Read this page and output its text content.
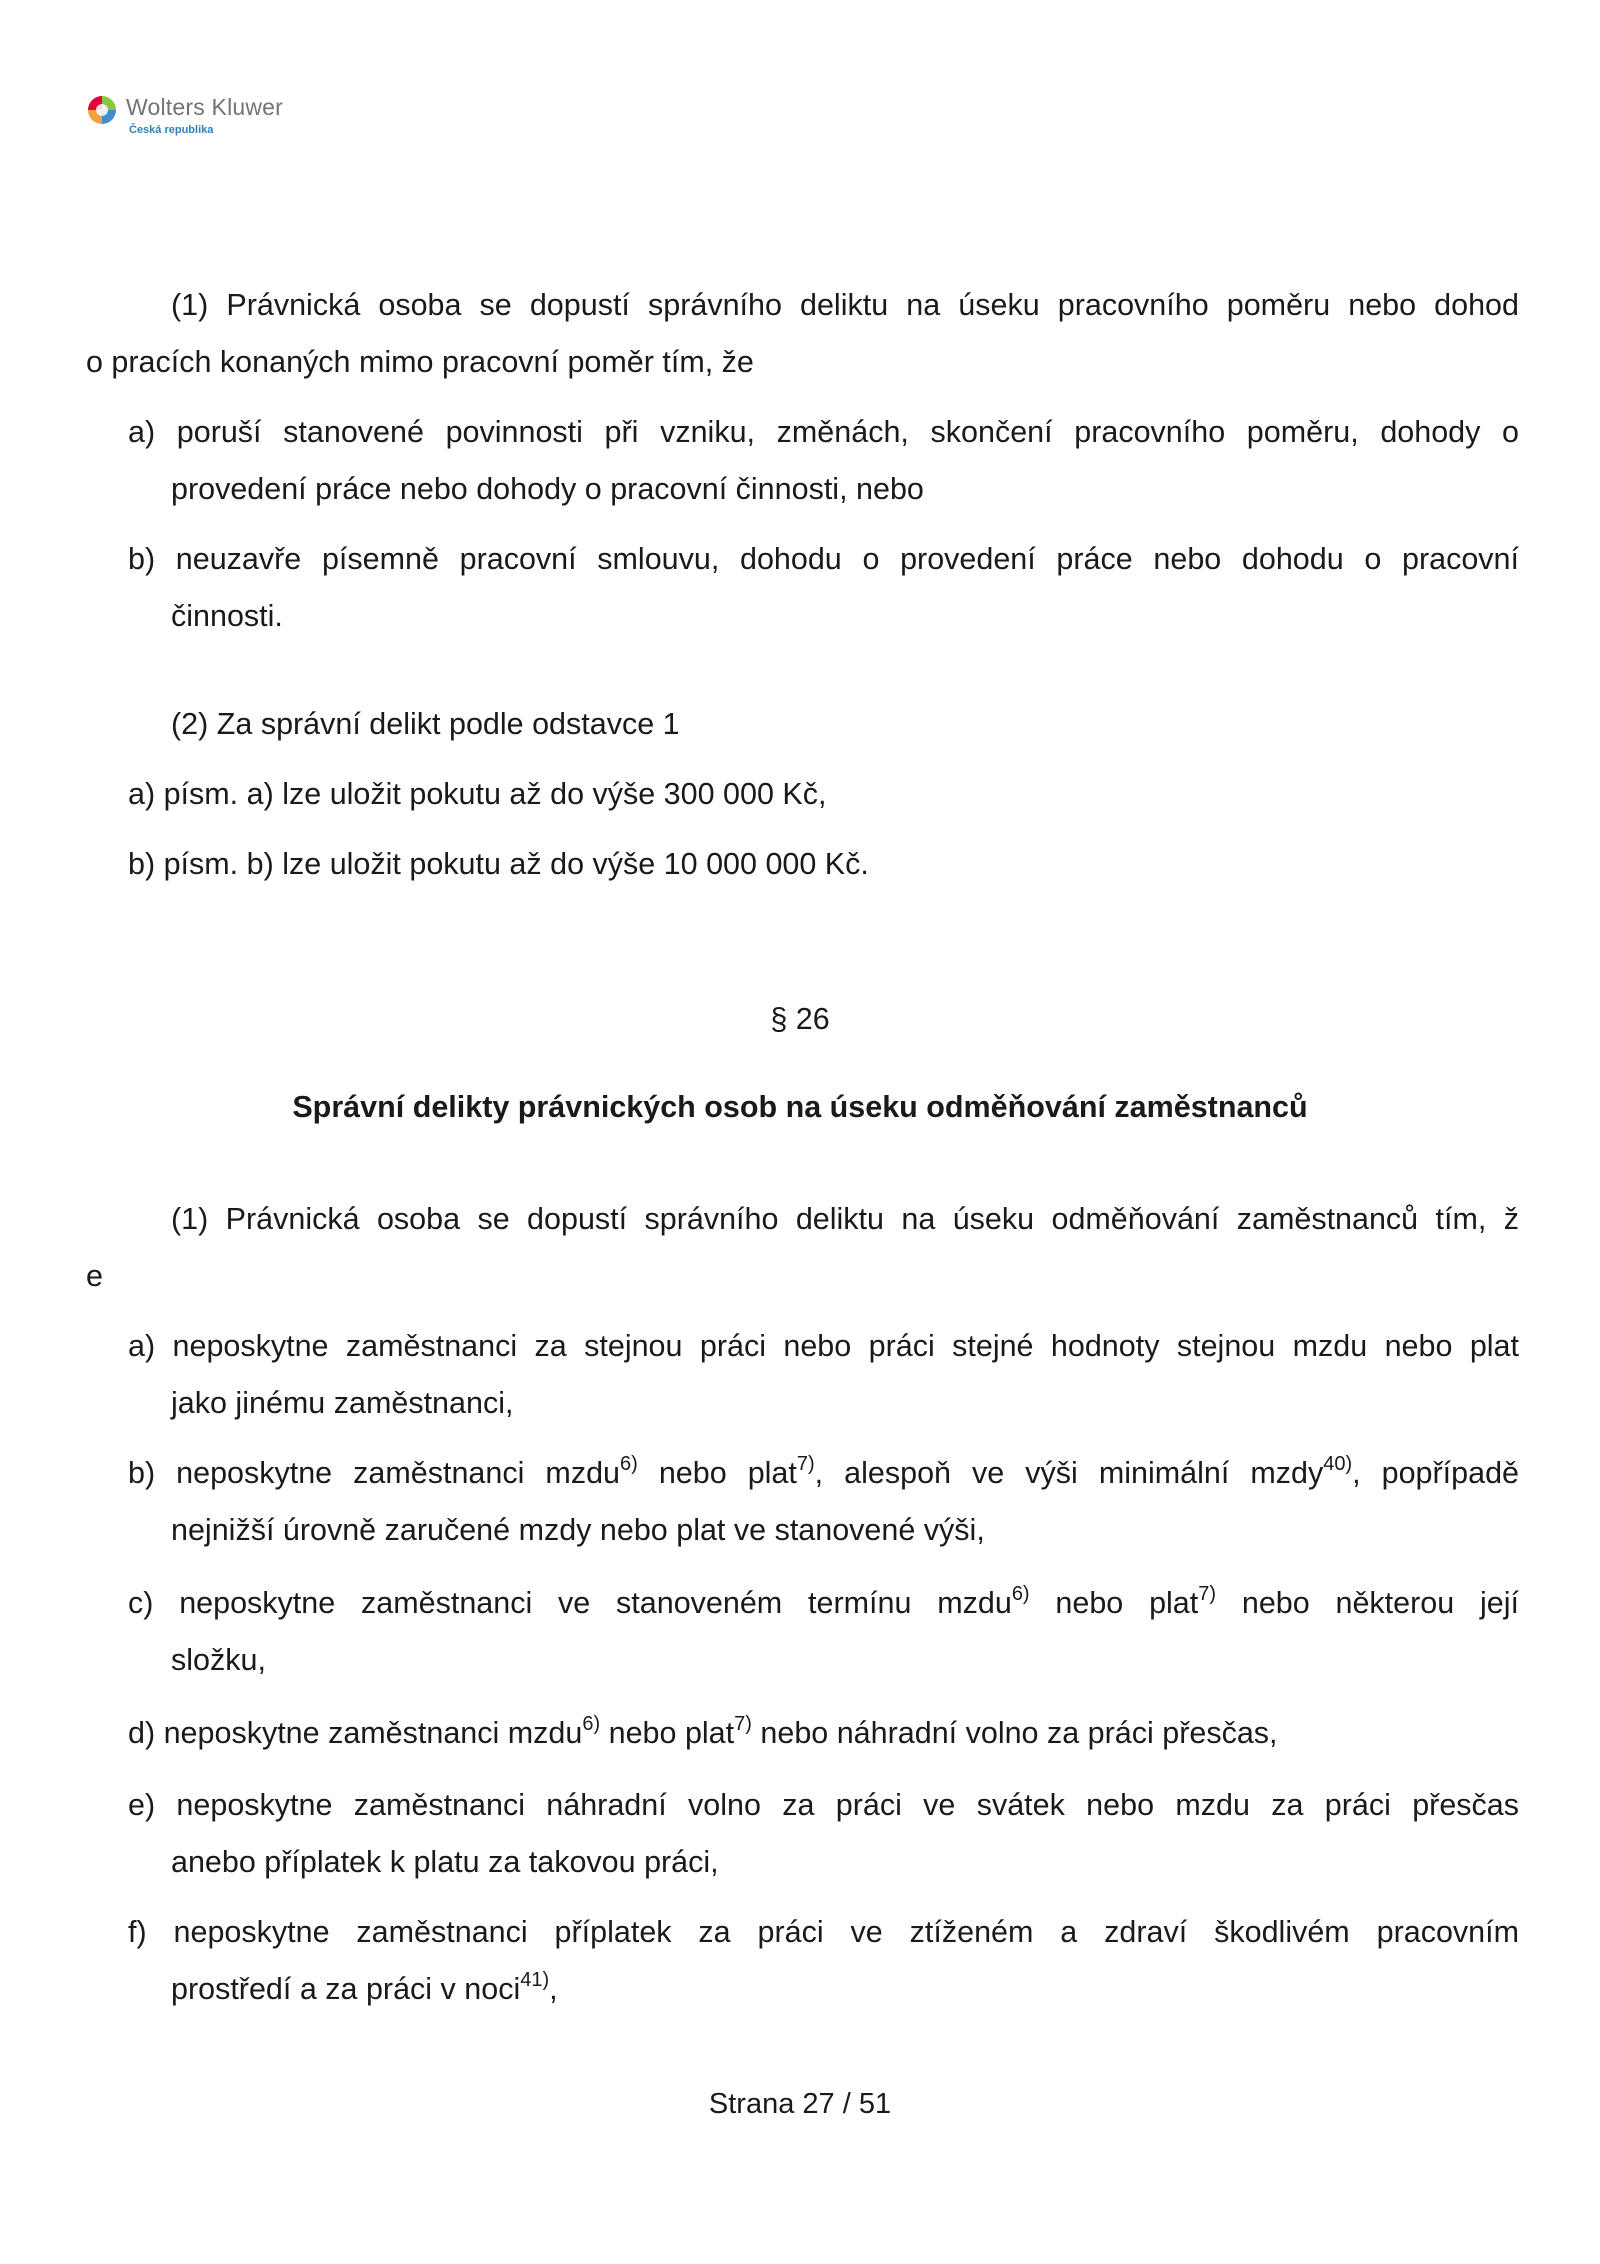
Wolters Kluwer
Česká republika
(1) Právnická osoba se dopustí správního deliktu na úseku pracovního poměru nebo dohod
o pracích konaných mimo pracovní poměr tím, že
a) poruší stanovené povinnosti při vzniku, změnách, skončení pracovního poměru, dohody o
provedení práce nebo dohody o pracovní činnosti, nebo
b) neuzavře písemně pracovní smlouvu, dohodu o provedení práce nebo dohodu o pracovní
činnosti.
(2) Za správní delikt podle odstavce 1
a) písm. a) lze uložit pokutu až do výše 300 000 Kč,
b) písm. b) lze uložit pokutu až do výše 10 000 000 Kč.
§ 26
Správní delikty právnických osob na úseku odměňování zaměstnanců
(1) Právnická osoba se dopustí správního deliktu na úseku odměňování zaměstnanců tím, ž
e
a) neposkytne zaměstnanci za stejnou práci nebo práci stejné hodnoty stejnou mzdu nebo plat
jako jinému zaměstnanci,
b) neposkytne zaměstnanci mzdu$^{6)}$ nebo plat$^{7)}$, alespoň ve výši minimální mzdy$^{40)}$, popřípadě
nejnižší úrovně zaručené mzdy nebo plat ve stanovené výši,
c) neposkytne zaměstnanci ve stanoveném termínu mzdu$^{6)}$ nebo plat$^{7)}$ nebo některou její
složku,
d) neposkytne zaměstnanci mzdu$^{6)}$ nebo plat$^{7)}$ nebo náhradní volno za práci přesčas,
e) neposkytne zaměstnanci náhradní volno za práci ve svátek nebo mzdu za práci přesčas
anebo příplatek k platu za takovou práci,
f) neposkytne zaměstnanci příplatek za práci ve ztíženém a zdraví škodlivém pracovním
prostředí a za práci v noci$^{41)}$,
Strana 27 / 51
